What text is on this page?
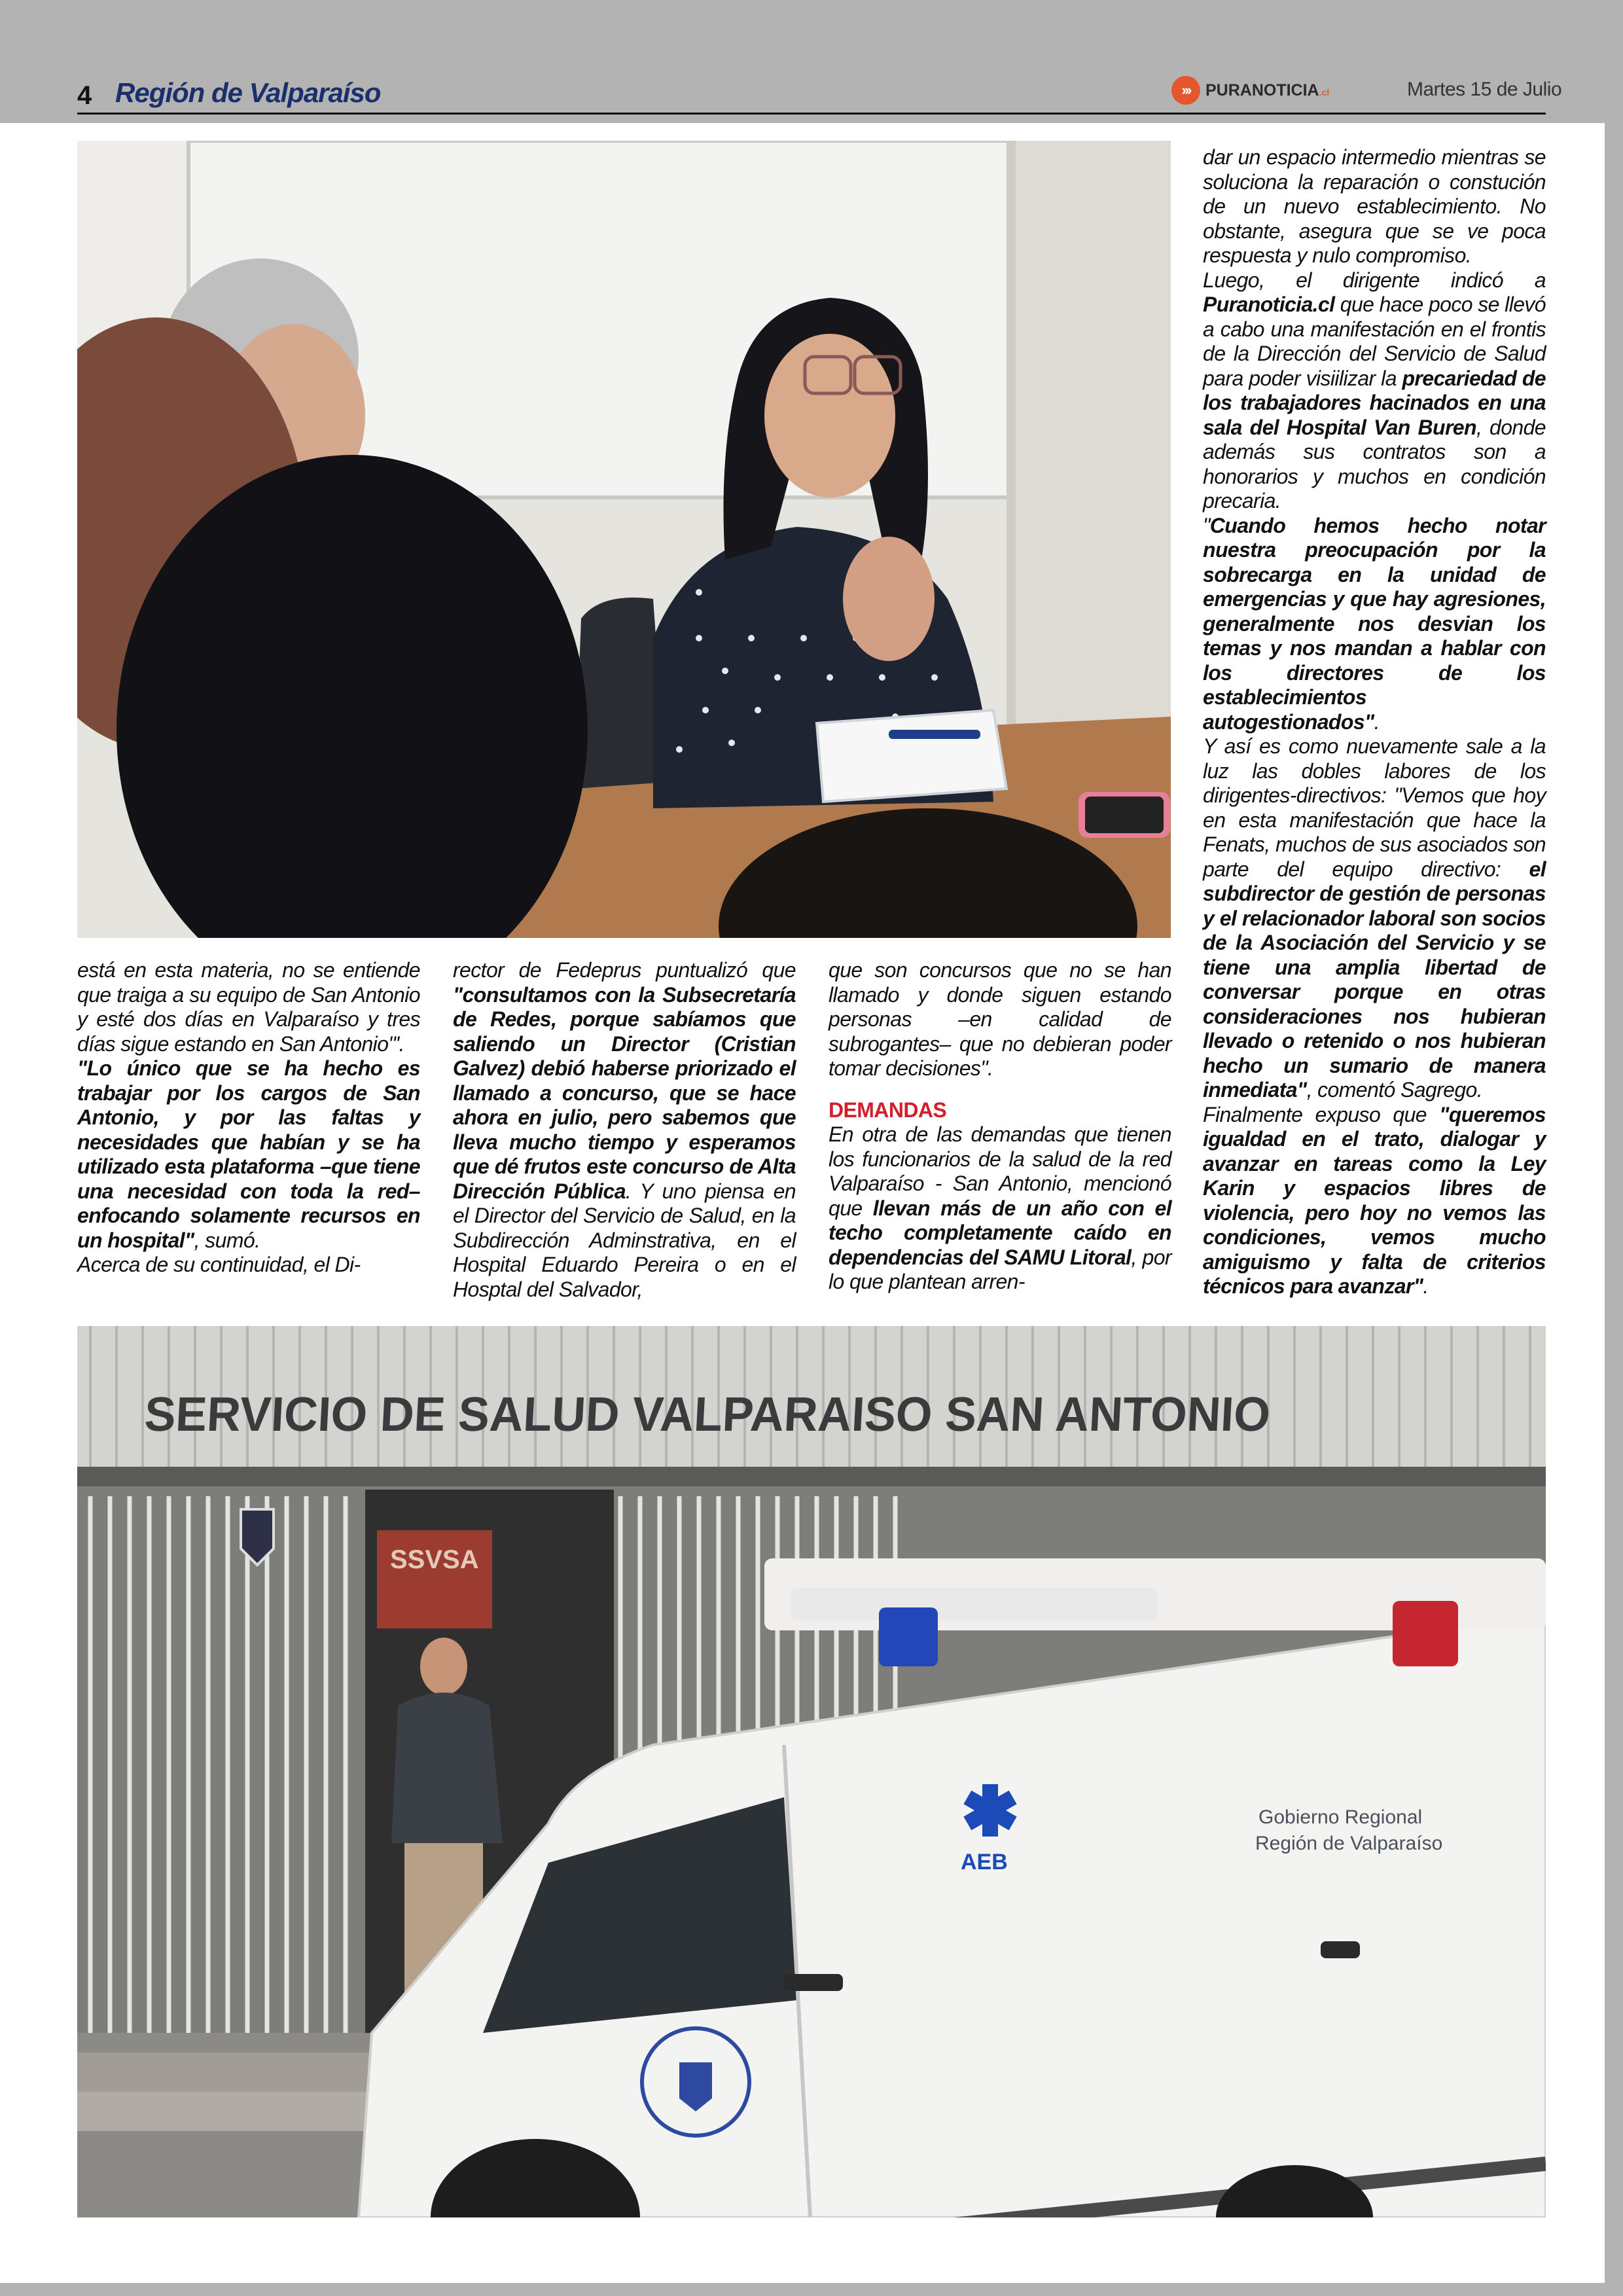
4 Región de Valparaíso	››› PURANOTICIA.cl	Martes 15 de Julio

dar un espacio intermedio mientras se soluciona la reparación o constución de un nuevo establecimiento. No obstante, asegura que se ve poca respuesta y nulo compromiso.

Luego, el dirigente indicó a Puranoticia.cl que hace poco se llevó a cabo una manifestación en el frontis de la Dirección del Servicio de Salud para poder visiilizar la precariedad de los trabajadores hacinados en una sala del Hospital Van Buren, donde además sus contratos son a honorarios y muchos en condición precaria.

"Cuando hemos hecho notar nuestra preocupación por la sobrecarga en la unidad de emergencias y que hay agresiones, generalmente nos desvian los temas y nos mandan a hablar con los directores de los establecimientos autogestionados".

Y así es como nuevamente sale a la luz las dobles labores de los dirigentes-directivos: "Vemos que hoy en esta manifestación que hace la Fenats, muchos de sus asociados son parte del equipo directivo: el subdirector de gestión de personas y el relacionador laboral son socios de la Asociación del Servicio y se tiene una amplia libertad de conversar porque en otras consideraciones nos hubieran llevado o retenido o nos hubieran hecho un sumario de manera inmediata", comentó Sagrego.

Finalmente expuso que "queremos igualdad en el trato, dialogar y avanzar en tareas como la Ley Karin y espacios libres de violencia, pero hoy no vemos las condiciones, vemos mucho amiguismo y falta de criterios técnicos para avanzar".

está en esta materia, no se entiende que traiga a su equipo de San Antonio y esté dos días en Valparaíso y tres días sigue estando en San Antonio"'.

"Lo único que se ha hecho es trabajar por los cargos de San Antonio, y por las faltas y necesidades que habían y se ha utilizado esta plataforma –que tiene una necesidad con toda la red– enfocando solamente recursos en un hospital", sumó.

Acerca de su continuidad, el Di-

rector de Fedeprus puntualizó que "consultamos con la Subsecretaría de Redes, porque sabíamos que saliendo un Director (Cristian Galvez) debió haberse priorizado el llamado a concurso, que se hace ahora en julio, pero sabemos que lleva mucho tiempo y esperamos que dé frutos este concurso de Alta Dirección Pública. Y uno piensa en el Director del Servicio de Salud, en la Subdirección Adminstrativa, en el Hospital Eduardo Pereira o en el Hosptal del Salvador,

que son concursos que no se han llamado y donde siguen estando personas –en calidad de subrogantes– que no debieran poder tomar decisiones".

DEMANDAS

En otra de las demandas que tienen los funcionarios de la salud de la red Valparaíso - San Antonio, mencionó que llevan más de un año con el techo completamente caído en dependencias del SAMU Litoral, por lo que plantean arren-

SERVICIO DE SALUD VALPARAISO SAN ANTONIO
SSVSA
AEB
Gobierno Regional
Región de Valparaíso
